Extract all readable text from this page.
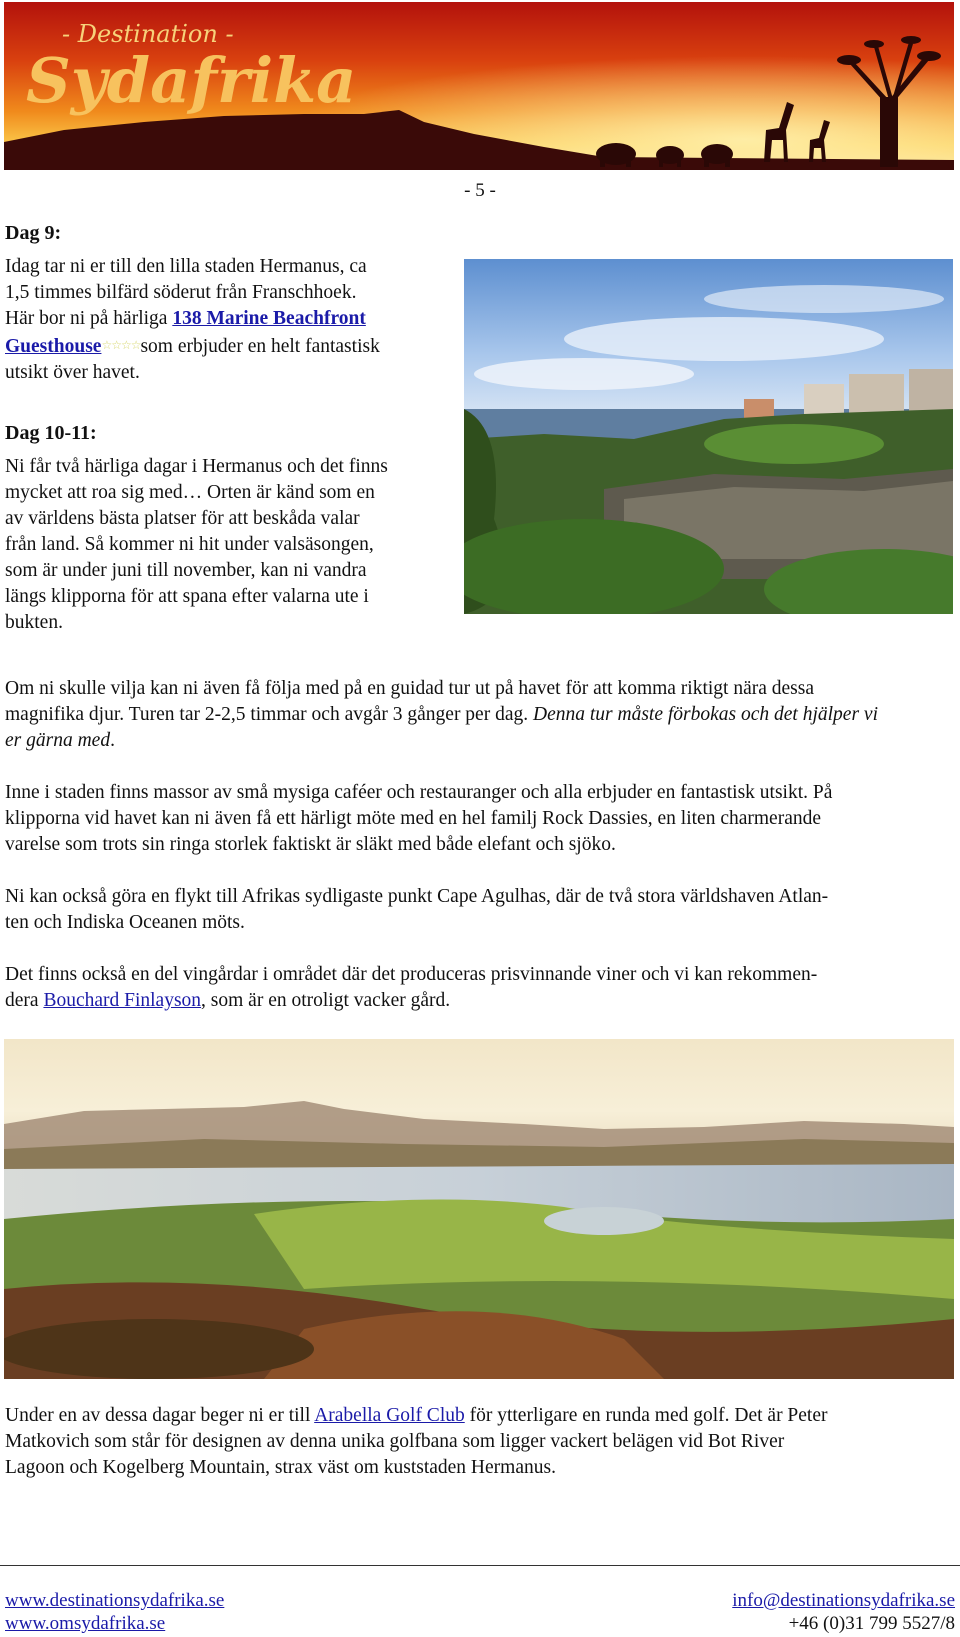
- Destination -
Sydafrika
- 5 -
Dag 9:
Idag tar ni er till den lilla staden Hermanus, ca
1,5 timmes bilfärd söderut från Franschhoek.
Här bor ni på härliga 138 Marine Beachfront
Guesthouse☆☆☆☆som erbjuder en helt fantastisk
utsikt över havet.
Dag 10-11:
Ni får två härliga dagar i Hermanus och det finns
mycket att roa sig med… Orten är känd som en
av världens bästa platser för att beskåda valar
från land. Så kommer ni hit under valsäsongen,
som är under juni till november, kan ni vandra
längs klipporna för att spana efter valarna ute i
bukten.
Om ni skulle vilja kan ni även få följa med på en guidad tur ut på havet för att komma riktigt nära dessa
magnifika djur. Turen tar 2-2,5 timmar och avgår 3 gånger per dag. Denna tur måste förbokas och det hjälper vi
er gärna med.
Inne i staden finns massor av små mysiga caféer och restauranger och alla erbjuder en fantastisk utsikt. På
klipporna vid havet kan ni även få ett härligt möte med en hel familj Rock Dassies, en liten charmerande
varelse som trots sin ringa storlek faktiskt är släkt med både elefant och sjöko.
Ni kan också göra en flykt till Afrikas sydligaste punkt Cape Agulhas, där de två stora världshaven Atlan-
ten och Indiska Oceanen möts.
Det finns också en del vingårdar i området där det produceras prisvinnande viner och vi kan rekommen-
dera Bouchard Finlayson, som är en otroligt vacker gård.
Under en av dessa dagar beger ni er till Arabella Golf Club för ytterligare en runda med golf. Det är Peter
Matkovich som står för designen av denna unika golfbana som ligger vackert belägen vid Bot River
Lagoon och Kogelberg Mountain, strax väst om kuststaden Hermanus.
www.destinationsydafrika.se
www.omsydafrika.se
info@destinationsydafrika.se
+46 (0)31 799 5527/8
